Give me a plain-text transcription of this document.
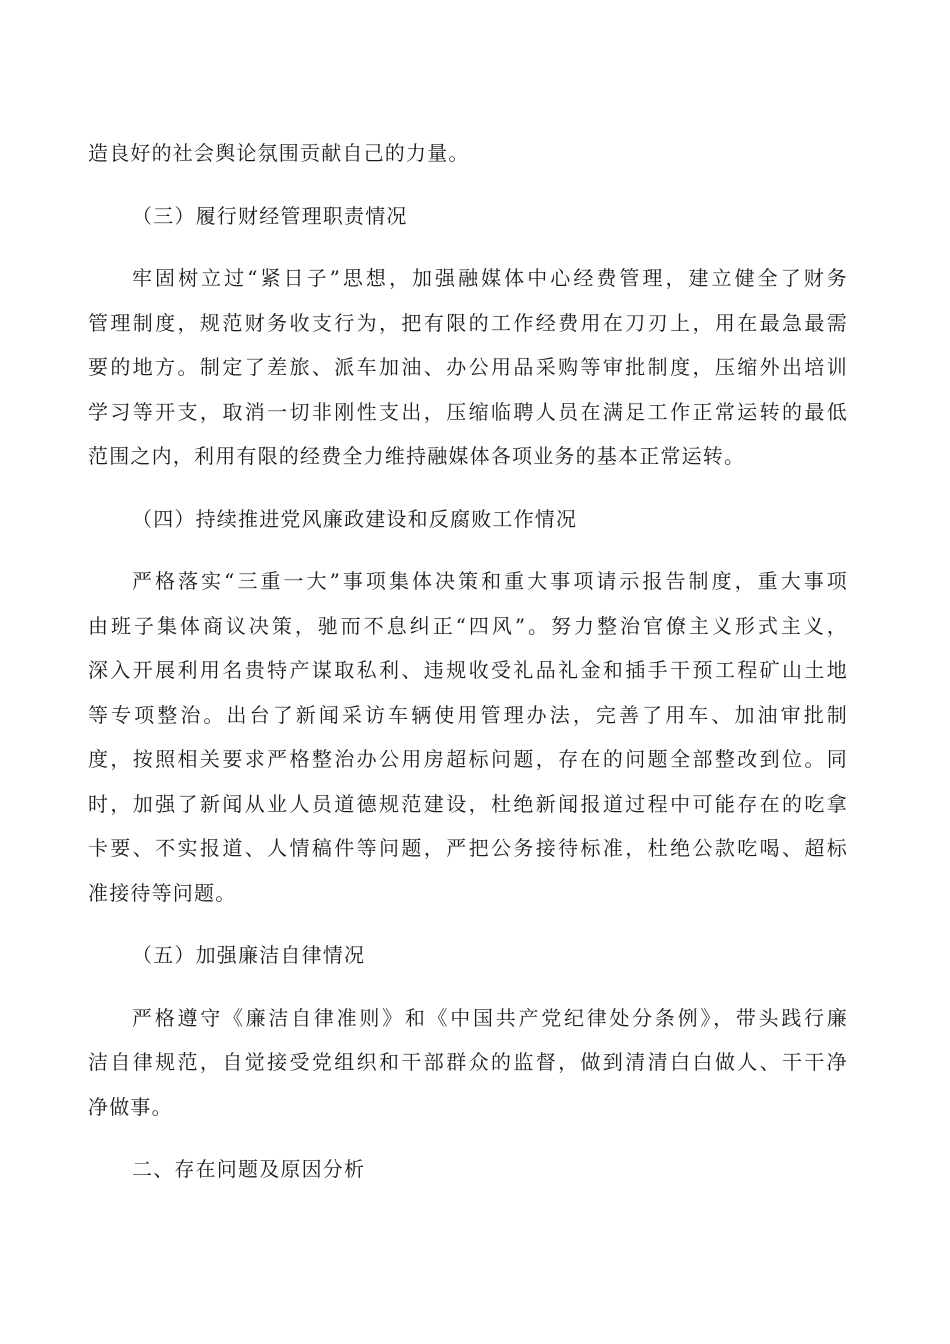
造良好的社会舆论氛围贡献自己的力量。
（三）履行财经管理职责情况
牢固树立过“紧日子”思想，加强融媒体中心经费管理，建立健全了财务
管理制度，规范财务收支行为，把有限的工作经费用在刀刃上，用在最急最需
要的地方。制定了差旅、派车加油、办公用品采购等审批制度，压缩外出培训
学习等开支，取消一切非刚性支出，压缩临聘人员在满足工作正常运转的最低
范围之内，利用有限的经费全力维持融媒体各项业务的基本正常运转。
（四）持续推进党风廉政建设和反腐败工作情况
严格落实“三重一大”事项集体决策和重大事项请示报告制度，重大事项
由班子集体商议决策，驰而不息纠正“四风”。努力整治官僚主义形式主义，
深入开展利用名贵特产谋取私利、违规收受礼品礼金和插手干预工程矿山土地
等专项整治。出台了新闻采访车辆使用管理办法，完善了用车、加油审批制
度，按照相关要求严格整治办公用房超标问题，存在的问题全部整改到位。同
时，加强了新闻从业人员道德规范建设，杜绝新闻报道过程中可能存在的吃拿
卡要、不实报道、人情稿件等问题，严把公务接待标准，杜绝公款吃喝、超标
准接待等问题。
（五）加强廉洁自律情况
严格遵守《廉洁自律准则》和《中国共产党纪律处分条例》，带头践行廉
洁自律规范，自觉接受党组织和干部群众的监督，做到清清白白做人、干干净
净做事。
二、存在问题及原因分析
